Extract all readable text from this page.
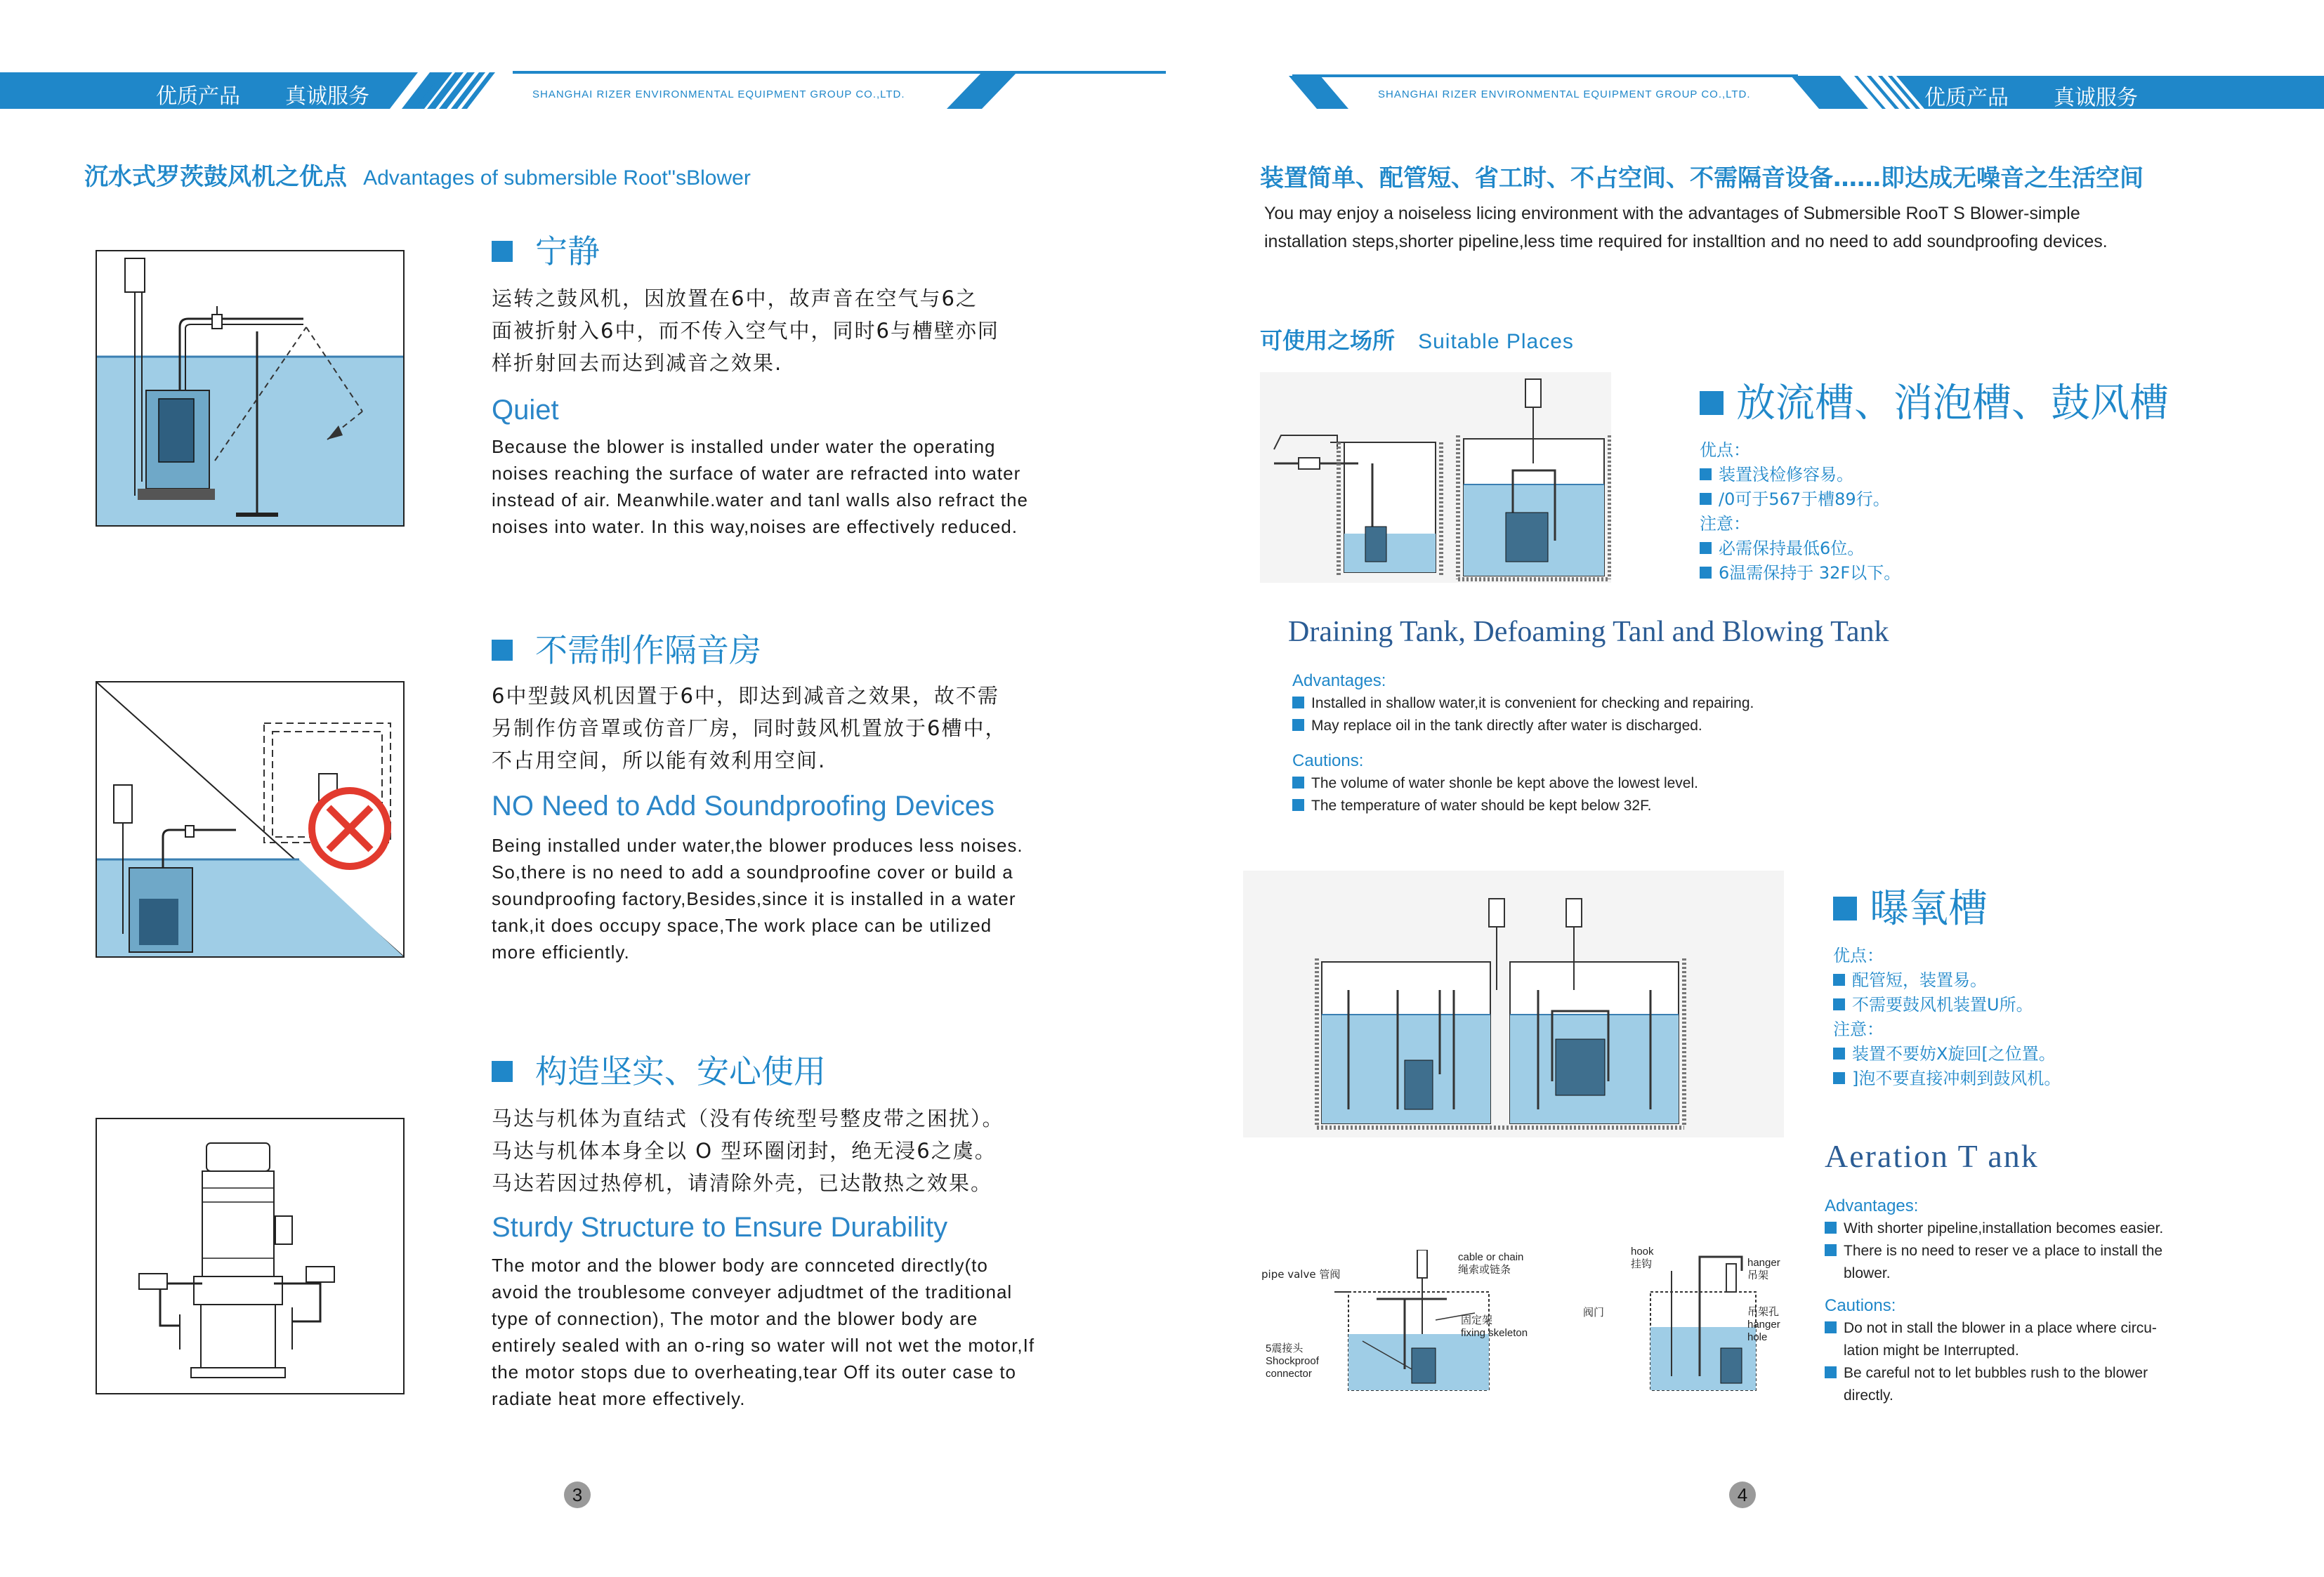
优质产品 真诚服务	SHANGHAI RIZER ENVIRONMENTAL EQUIPMENT GROUP CO.,LTD.	SHANGHAI RIZER ENVIRONMENTAL EQUIPMENT GROUP CO.,LTD.	优质产品 真诚服务
沉水式罗茨鼓风机之优点 Advantages of submersible Root''sBlower
宁静
运转之鼓风机，因放置在6中，故声音在空气与6之
面被折射入6中，而不传入空气中，同时6与槽壁亦同
样折射回去而达到减音之效果.
Quiet
Because the blower is installed under water the operating
noises reaching the surface of water are refracted into water
instead of air. Meanwhile.water and tanl walls also refract the
noises into water. In this way,noises are effectively reduced.
不需制作隔音房
6中型鼓风机因置于6中，即达到减音之效果，故不需
另制作仿音罩或仿音厂房，同时鼓风机置放于6槽中，
不占用空间，所以能有效利用空间.
NO Need to Add Soundproofing Devices
Being installed under water,the blower produces less noises.
So,there is no need to add a soundproofine cover or build a
soundproofing factory,Besides,since it is installed in a water
tank,it does occupy space,The work place can be utilized
more efficiently.
构造坚实、安心使用
马达与机体为直结式（没有传统型号整皮带之困扰）。
马达与机体本身全以 O 型环圈闭封，绝无浸6之虞。
马达若因过热停机，请清除外壳，已达散热之效果。
Sturdy Structure to Ensure Durability
The motor and the blower body are connceted directly(to
avoid the troublesome conveyer adjudtmet of the traditional
type of connection), The motor and the blower body are
entirely sealed with an o-ring so water will not wet the motor,If
the motor stops due to overheating,tear Off its outer case to
radiate heat more effectively.
3
装置简单、配管短、省工时、不占空间、不需隔音设备……即达成无噪音之生活空间
You may enjoy a noiseless licing environment with the advantages of Submersible RooT S Blower-simple
installation steps,shorter pipeline,less time required for installtion and no need to add soundproofing devices.
可使用之场所 Suitable Places
放流槽、消泡槽、鼓风槽
优点：
装置浅检修容易。
/0可于567于槽89行。
注意：
必需保持最低6位。
6温需保持于 32F以下。
Draining Tank, Defoaming Tanl and Blowing Tank
Advantages:
Installed in shallow water,it is convenient for checking and repairing.
May replace oil in the tank directly after water is discharged.
Cautions:
The volume of water shonle be kept above the lowest level.
The temperature of water should be kept below 32F.
曝氧槽
优点：
配管短，装置易。
不需要鼓风机装置U所。
注意：
装置不要妨X旋回[之位置。
]泡不要直接冲刺到鼓风机。
Aeration T ank
Advantages:
With shorter pipeline,installation becomes easier.
There is no need to reser ve a place to install the
blower.
Cautions:
Do not in stall the blower in a place where circu-
lation might be Interrupted.
Be careful not to let bubbles rush to the blower
directly.
pipe valve 管阀
cable or chain
绳索或链条
固定架
fixing skeleton
5震接头
Shockproof
connector
hook
挂钩	hanger
吊架
阀门	吊架孔
hanger
hole
4
